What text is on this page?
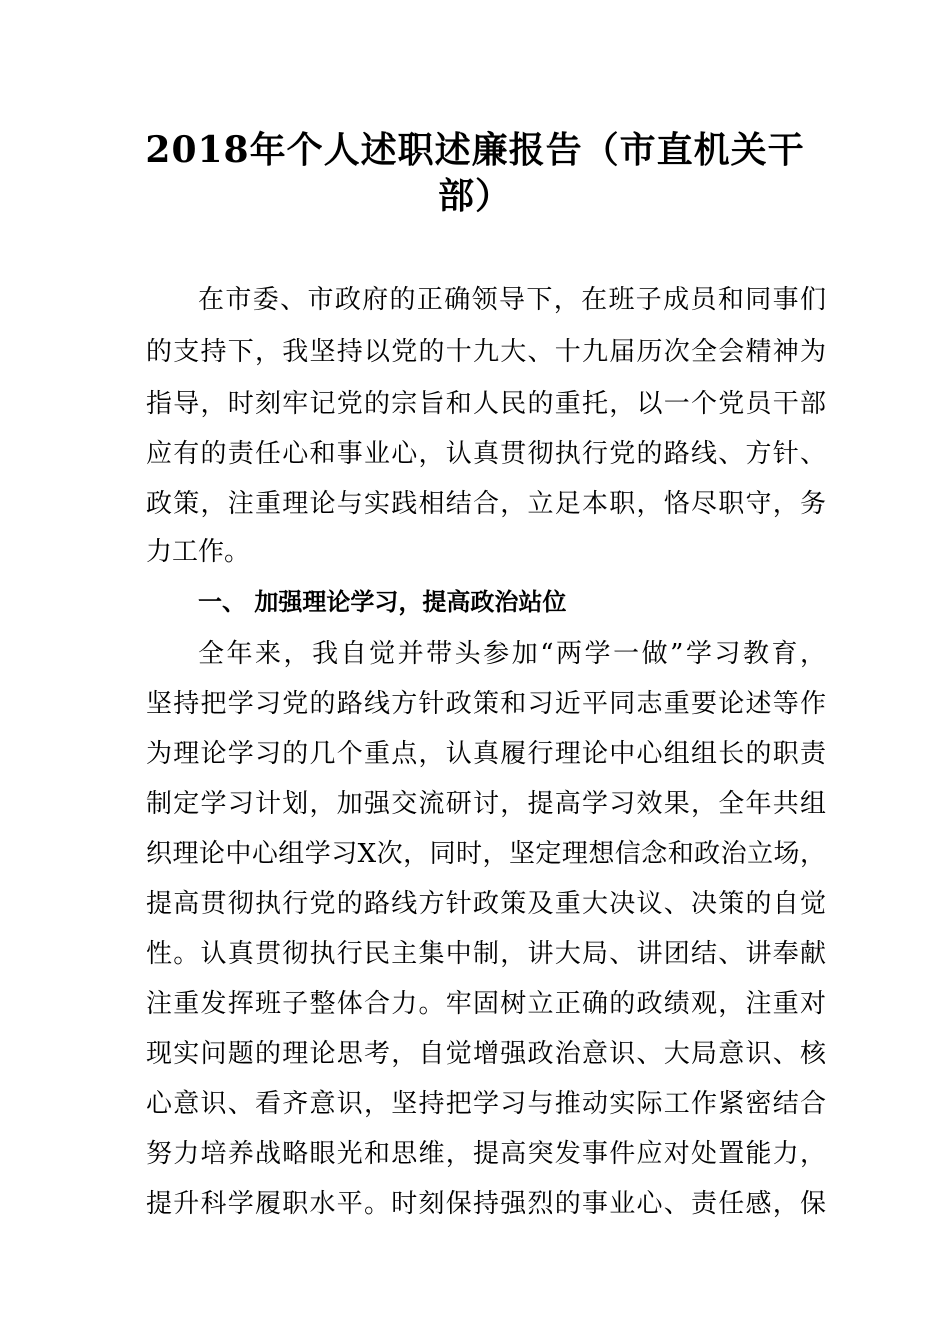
2018年个人述职述廉报告（市直机关干
部）
在市委、市政府的正确领导下，在班子成员和同事们
的支持下，我坚持以党的十九大、十九届历次全会精神为
指导，时刻牢记党的宗旨和人民的重托，以一个党员干部
应有的责任心和事业心，认真贯彻执行党的路线、方针、
政策，注重理论与实践相结合，立足本职，恪尽职守，务
力工作。
一、 加强理论学习，提高政治站位
全年来，我自觉并带头参加“两学一做”学习教育，
坚持把学习党的路线方针政策和习近平同志重要论述等作
为理论学习的几个重点，认真履行理论中心组组长的职责
制定学习计划，加强交流研讨，提高学习效果，全年共组
织理论中心组学习X次，同时，坚定理想信念和政治立场，
提高贯彻执行党的路线方针政策及重大决议、决策的自觉
性。认真贯彻执行民主集中制，讲大局、讲团结、讲奉献
注重发挥班子整体合力。牢固树立正确的政绩观，注重对
现实问题的理论思考，自觉增强政治意识、大局意识、核
心意识、看齐意识，坚持把学习与推动实际工作紧密结合
努力培养战略眼光和思维，提高突发事件应对处置能力，
提升科学履职水平。时刻保持强烈的事业心、责任感，保
